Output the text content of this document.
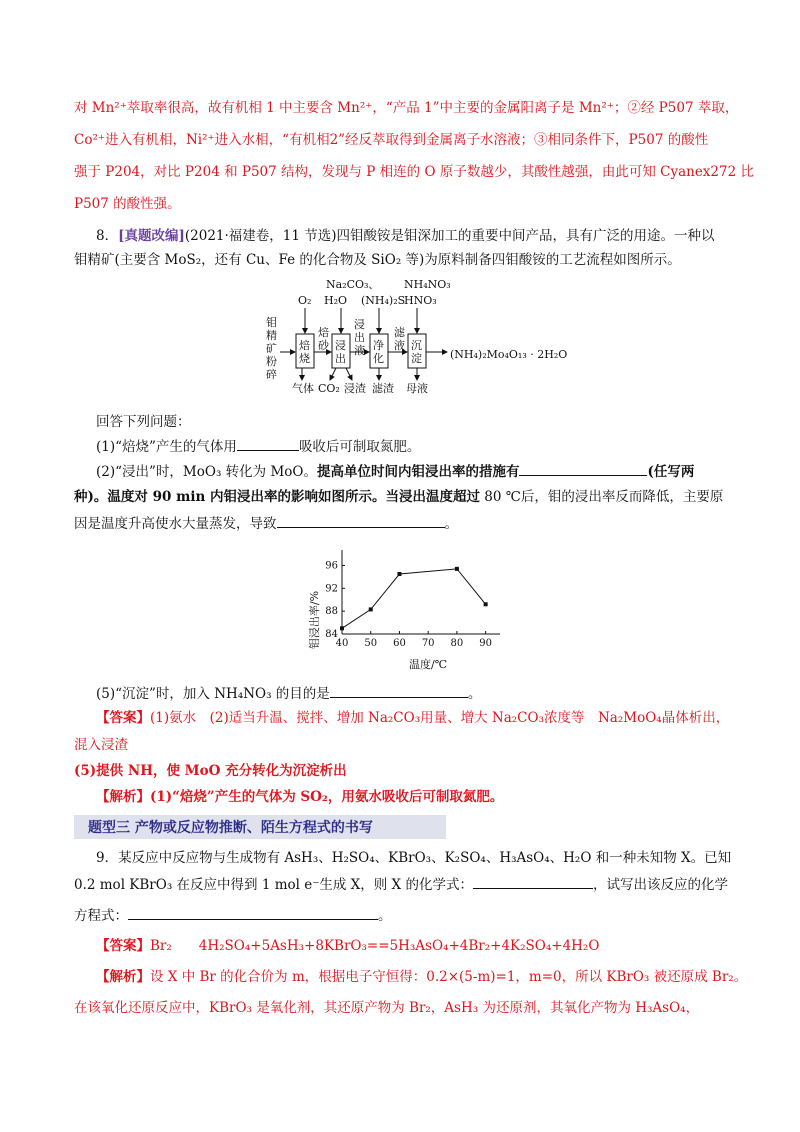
对 Mn²⁺萃取率很高，故有机相 1 中主要含 Mn²⁺，“产品 1”中主要的金属阳离子是 Mn²⁺；②经 P507 萃取，
Co²⁺进入有机相，Ni²⁺进入水相，“有机相2”经反萃取得到金属离子水溶液；③相同条件下，P507 的酸性
强于 P204，对比 P204 和 P507 结构，发现与 P 相连的 O 原子数越少，其酸性越强，由此可知 Cyanex272 比
P507 的酸性强。
8．[真题改编](2021·福建卷，11 节选)四钼酸铵是钼深加工的重要中间产品，具有广泛的用途。一种以
钼精矿(主要含 MoS₂，还有 Cu、Fe 的化合物及 SiO₂ 等)为原料制备四钼酸铵的工艺流程如图所示。
钼
精
矿
粉
碎
O₂
Na₂CO₃、
H₂O (NH₄)₂S
NH₄NO₃
HNO₃
焙
砂
浸
出
液
滤
液
焙
烧
浸
出
净
化
沉
淀	(NH₄)₂Mo₄O₁₃ · 2H₂O
气体 CO₂ 浸渣 滤渣 母液
回答下列问题：
(1)“焙烧”产生的气体用	吸收后可制取氮肥。
(2)“浸出”时，MoO₃ 转化为 MoO。提高单位时间内钼浸出率的措施有	(任写两
种)。温度对 90 min 内钼浸出率的影响如图所示。当浸出温度超过 80 ℃后，钼的浸出率反而降低，主要原
因是温度升高使水大量蒸发，导致	。
钼浸出率/%
温度/℃
40 50 60 70 80 90
84
88
92
96
(5)“沉淀”时，加入 NH₄NO₃ 的目的是	。
【答案】(1)氨水　(2)适当升温、搅拌、增加 Na₂CO₃用量、增大 Na₂CO₃浓度等　Na₂MoO₄晶体析出，
混入浸渣
(5)提供 NH，使 MoO 充分转化为沉淀析出
【解析】(1)“焙烧”产生的气体为 SO₂，用氨水吸收后可制取氮肥。
题型三 产物或反应物推断、陌生方程式的书写
9．某反应中反应物与生成物有 AsH₃、H₂SO₄、KBrO₃、K₂SO₄、H₃AsO₄、H₂O 和一种未知物 X。已知
0.2 mol KBrO₃ 在反应中得到 1 mol e⁻生成 X，则 X 的化学式：	，试写出该反应的化学
方程式：	。
【答案】Br₂　　4H₂SO₄+5AsH₃+8KBrO₃==5H₃AsO₄+4Br₂+4K₂SO₄+4H₂O
【解析】设 X 中 Br 的化合价为 m，根据电子守恒得：0.2×(5-m)=1，m=0，所以 KBrO₃ 被还原成 Br₂。
在该氧化还原反应中，KBrO₃ 是氧化剂，其还原产物为 Br₂，AsH₃ 为还原剂，其氧化产物为 H₃AsO₄，
